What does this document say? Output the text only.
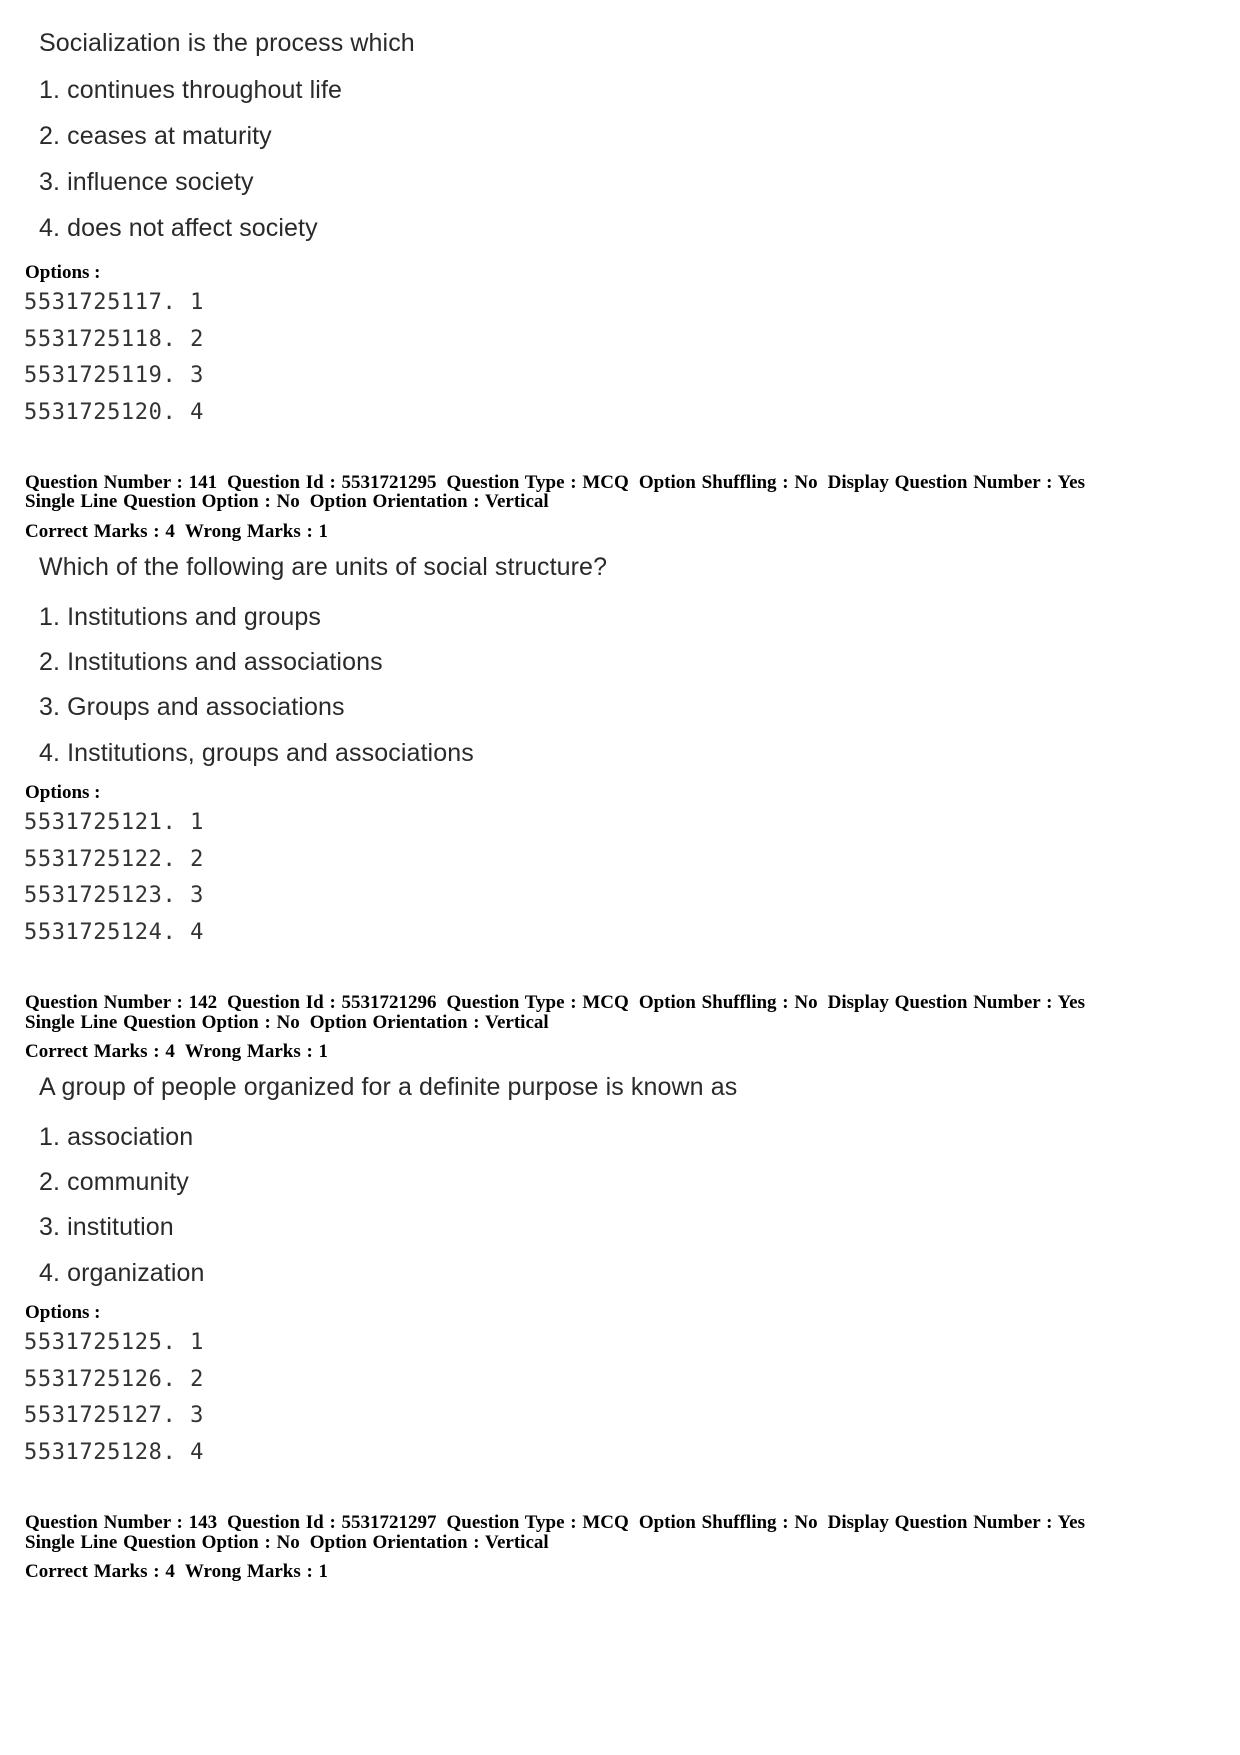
Socialization is the process which
1. continues throughout life
2. ceases at maturity
3. influence society
4. does not affect society
Options :
5531725117. 1
5531725118. 2
5531725119. 3
5531725120. 4
Question Number : 141 Question Id : 5531721295 Question Type : MCQ Option Shuffling : No Display Question Number : Yes
Single Line Question Option : No Option Orientation : Vertical
Correct Marks : 4 Wrong Marks : 1
Which of the following are units of social structure?
1. Institutions and groups
2. Institutions and associations
3. Groups and associations
4. Institutions, groups and associations
Options :
5531725121. 1
5531725122. 2
5531725123. 3
5531725124. 4
Question Number : 142 Question Id : 5531721296 Question Type : MCQ Option Shuffling : No Display Question Number : Yes
Single Line Question Option : No Option Orientation : Vertical
Correct Marks : 4 Wrong Marks : 1
A group of people organized for a definite purpose is known as
1. association
2. community
3. institution
4. organization
Options :
5531725125. 1
5531725126. 2
5531725127. 3
5531725128. 4
Question Number : 143 Question Id : 5531721297 Question Type : MCQ Option Shuffling : No Display Question Number : Yes
Single Line Question Option : No Option Orientation : Vertical
Correct Marks : 4 Wrong Marks : 1
